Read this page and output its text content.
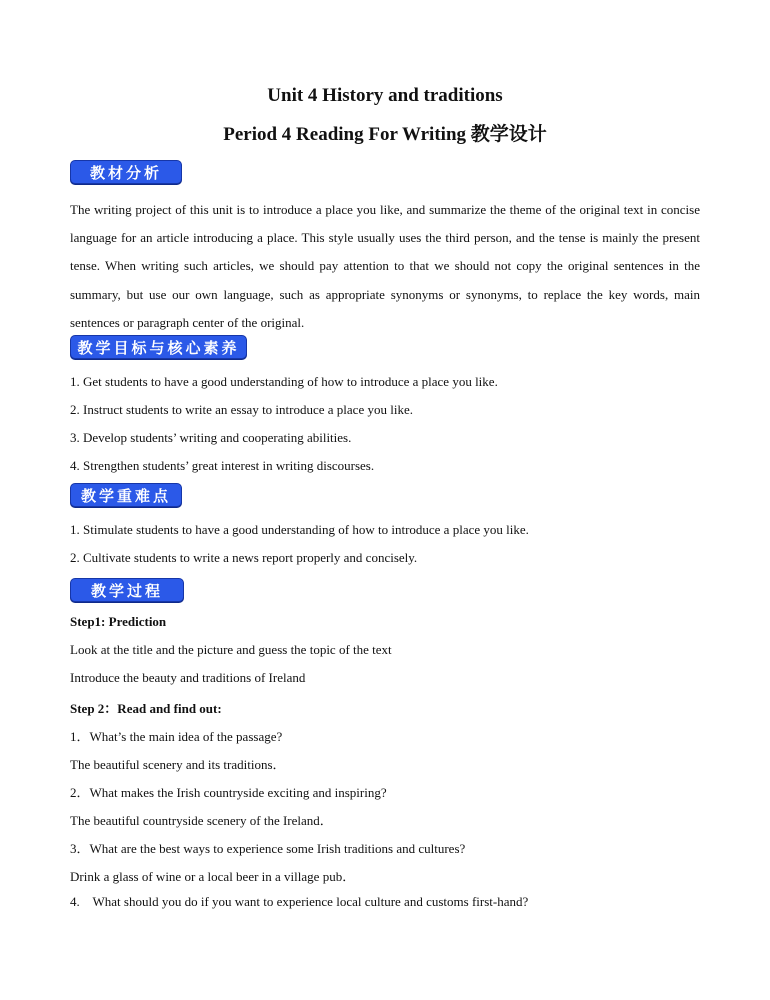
Unit 4 History and traditions
Period 4 Reading For Writing 教学设计
教材分析

The writing project of this unit is to introduce a place you like, and summarize the theme of the original text in concise language for an article introducing a place. This style usually uses the third person, and the tense is mainly the present tense. When writing such articles, we should pay attention to that we should not copy the original sentences in the summary, but use our own language, such as appropriate synonyms or synonyms, to replace the key words, main sentences or paragraph center of the original.

教学目标与核心素养

1. Get students to have a good understanding of how to introduce a place you like.

2. Instruct students to write an essay to introduce a place you like.

3. Develop students’ writing and cooperating abilities.

4. Strengthen students’ great interest in writing discourses.

教学重难点

1. Stimulate students to have a good understanding of how to introduce a place you like.

2. Cultivate students to write a news report properly and concisely.

教学过程

Step1: Prediction

Look at the title and the picture and guess the topic of the text

Introduce the beauty and traditions of Ireland

Step 2：Read and find out:

1．What’s the main idea of the passage?

The beautiful scenery and its traditions．

2．What makes the Irish countryside exciting and inspiring?

The beautiful countryside scenery of the Ireland．

3．What are the best ways to experience some Irish traditions and cultures?

Drink a glass of wine or a local beer in a village pub．

4.    What should you do if you want to experience local culture and customs first-hand?
